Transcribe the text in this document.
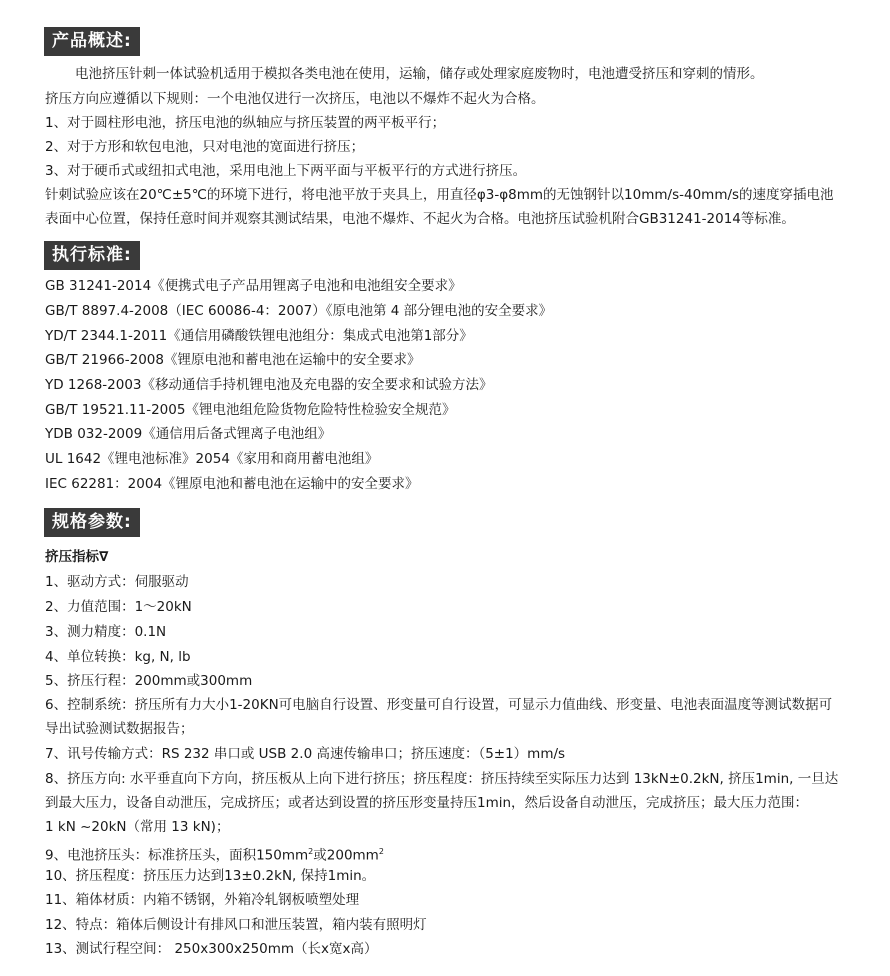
产品概述:
电池挤压针刺一体试验机适用于模拟各类电池在使用，运输，储存或处理家庭废物时，电池遭受挤压和穿刺的情形。
挤压方向应遵循以下规则：一个电池仅进行一次挤压，电池以不爆炸不起火为合格。
1、对于圆柱形电池，挤压电池的纵轴应与挤压装置的两平板平行；
2、对于方形和软包电池，只对电池的宽面进行挤压；
3、对于硬币式或纽扣式电池，采用电池上下两平面与平板平行的方式进行挤压。
针刺试验应该在20℃±5℃的环境下进行，将电池平放于夹具上，用直径φ3-φ8mm的无蚀钢针以10mm/s-40mm/s的速度穿插电池
表面中心位置，保持任意时间并观察其测试结果，电池不爆炸、不起火为合格。电池挤压试验机附合GB31241-2014等标准。
执行标准:
GB 31241-2014《便携式电子产品用锂离子电池和电池组安全要求》
GB/T 8897.4-2008（IEC 60086-4：2007）《原电池第 4 部分锂电池的安全要求》
YD/T 2344.1-2011《通信用磷酸铁锂电池组分：集成式电池第1部分》
GB/T 21966-2008《锂原电池和蓄电池在运输中的安全要求》
YD 1268-2003《移动通信手持机锂电池及充电器的安全要求和试验方法》
GB/T 19521.11-2005《锂电池组危险货物危险特性检验安全规范》
YDB 032-2009《通信用后备式锂离子电池组》
UL 1642《锂电池标准》2054《家用和商用蓄电池组》
IEC 62281：2004《锂原电池和蓄电池在运输中的安全要求》
规格参数:
挤压指标∇
1、驱动方式：伺服驱动
2、力值范围：1～20kN
3、测力精度：0.1N
4、单位转换：kg, N, lb
5、挤压行程：200mm或300mm
6、控制系统：挤压所有力大小1-20KN可电脑自行设置、形变量可自行设置，可显示力值曲线、形变量、电池表面温度等测试数据可
导出试验测试数据报告；
7、讯号传输方式：RS 232 串口或 USB 2.0 高速传输串口；挤压速度：（5±1）mm/s
8、挤压方向: 水平垂直向下方向，挤压板从上向下进行挤压；挤压程度：挤压持续至实际压力达到 13kN±0.2kN, 挤压1min, 一旦达
到最大压力，设备自动泄压，完成挤压；或者达到设置的挤压形变量持压1min，然后设备自动泄压，完成挤压；最大压力范围：
1 kN ~20kN（常用 13 kN)；
9、电池挤压头：标准挤压头，面积$150mm^2$或$200mm^2$
10、挤压程度：挤压压力达到13±0.2kN, 保持1min。
11、箱体材质：内箱不锈钢，外箱冷轧钢板喷塑处理
12、特点：箱体后侧设计有排风口和泄压装置，箱内装有照明灯
13、测试行程空间： 250x300x250mm（长x宽x高）
